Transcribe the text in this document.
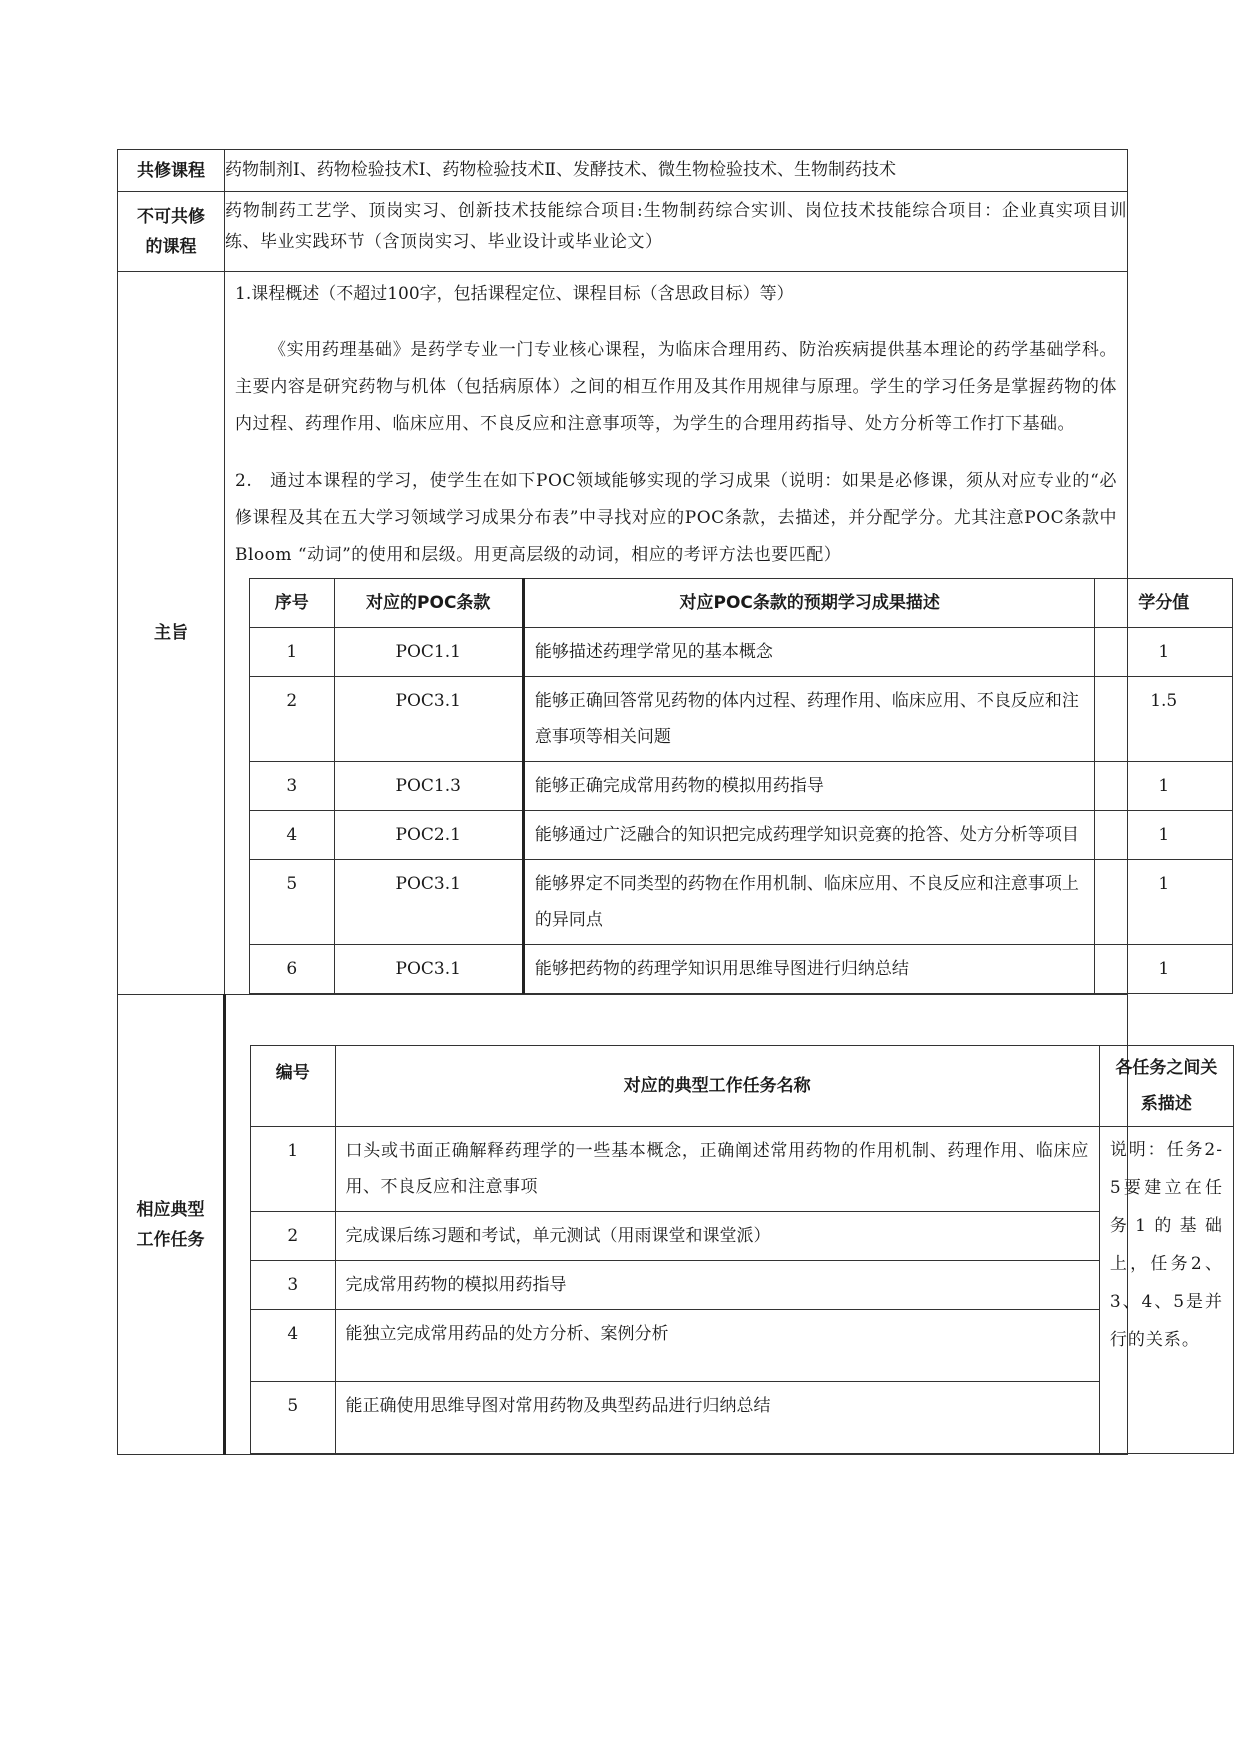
共修课程	药物制剂Ⅰ、药物检验技术Ⅰ、药物检验技术Ⅱ、发酵技术、微生物检验技术、生物制药技术

不可共修
的课程
	药物制药工艺学、顶岗实习、创新技术技能综合项目:生物制药综合实训、岗位技术技能综合项目：企业真实项目训练、毕业实践环节（含顶岗实习、毕业设计或毕业论文）
主旨	

1.课程概述（不超过100字，包括课程定位、课程目标（含思政目标）等）

《实用药理基础》是药学专业一门专业核心课程，为临床合理用药、防治疾病提供基本理论的药学基础学科。主要内容是研究药物与机体（包括病原体）之间的相互作用及其作用规律与原理。学生的学习任务是掌握药物的体内过程、药理作用、临床应用、不良反应和注意事项等，为学生的合理用药指导、处方分析等工作打下基础。

2.　通过本课程的学习，使学生在如下POC领域能够实现的学习成果（说明：如果是必修课，须从对应专业的“必修课程及其在五大学习领域学习成果分布表”中寻找对应的POC条款，去描述，并分配学分。尤其注意POC条款中Bloom “动词”的使用和层级。用更高层级的动词，相应的考评方法也要匹配）

序号	对应的POC条款	对应POC条款的预期学习成果描述	学分值
1	POC1.1	能够描述药理学常见的基本概念	1
2	POC3.1	能够正确回答常见药物的体内过程、药理作用、临床应用、不良反应和注意事项等相关问题	1.5
3	POC1.3	能够正确完成常用药物的模拟用药指导	1
4	POC2.1	能够通过广泛融合的知识把完成药理学知识竞赛的抢答、处方分析等项目	1
5	POC3.1	能够界定不同类型的药物在作用机制、临床应用、不良反应和注意事项上的异同点	1
6	POC3.1	能够把药物的药理学知识用思维导图进行归纳总结	1

相应典型
工作任务

编号	对应的典型工作任务名称	各任务之间关系描述
1	口头或书面正确解释药理学的一些基本概念，正确阐述常用药物的作用机制、药理作用、临床应用、不良反应和注意事项	说明：任务2-5要建立在任务1的基础上，任务2、3、4、5是并行的关系。
2	完成课后练习题和考试，单元测试（用雨课堂和课堂派）
3	完成常用药物的模拟用药指导
4	能独立完成常用药品的处方分析、案例分析
5	能正确使用思维导图对常用药物及典型药品进行归纳总结
